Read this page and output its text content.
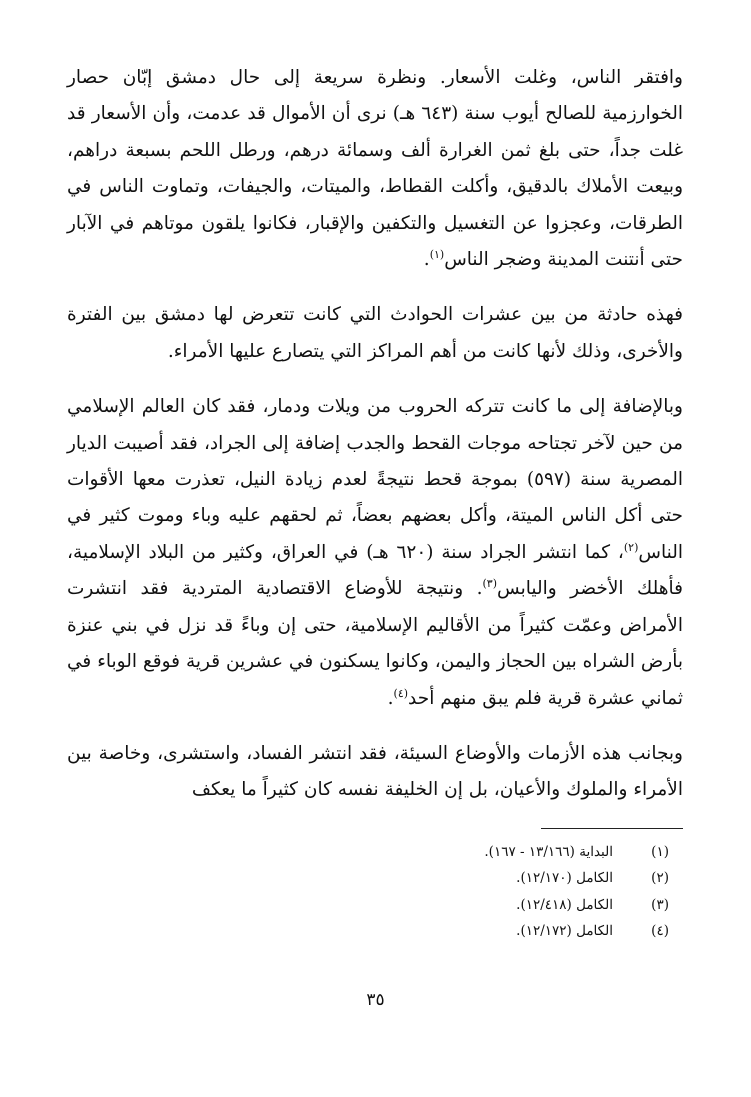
وافتقر الناس، وغلت الأسعار. ونظرة سريعة إلى حال دمشق إبّان حصار الخوارزمية للصالح أيوب سنة (٦٤٣ هـ) نرى أن الأموال قد عدمت، وأن الأسعار قد غلت جداً، حتى بلغ ثمن الغرارة ألف وسمائة درهم، ورطل اللحم بسبعة دراهم، وبيعت الأملاك بالدقيق، وأكلت القطاط، والميتات، والجيفات، وتماوت الناس في الطرقات، وعجزوا عن التغسيل والتكفين والإقبار، فكانوا يلقون موتاهم في الآبار حتى أنتنت المدينة وضجر الناس$^{(١)}$.

فهذه حادثة من بين عشرات الحوادث التي كانت تتعرض لها دمشق بين الفترة والأخرى، وذلك لأنها كانت من أهم المراكز التي يتصارع عليها الأمراء.

وبالإضافة إلى ما كانت تتركه الحروب من ويلات ودمار، فقد كان العالم الإسلامي من حين لآخر تجتاحه موجات القحط والجدب إضافة إلى الجراد، فقد أصيبت الديار المصرية سنة (٥٩٧) بموجة قحط نتيجةً لعدم زيادة النيل، تعذرت معها الأقوات حتى أكل الناس الميتة، وأكل بعضهم بعضاً، ثم لحقهم عليه وباء وموت كثير في الناس$^{(٢)}$، كما انتشر الجراد سنة (٦٢٠ هـ) في العراق، وكثير من البلاد الإسلامية، فأهلك الأخضر واليابس$^{(٣)}$. ونتيجة للأوضاع الاقتصادية المتردية فقد انتشرت الأمراض وعمّت كثيراً من الأقاليم الإسلامية، حتى إن وباءً قد نزل في بني عنزة بأرض الشراه بين الحجاز واليمن، وكانوا يسكنون في عشرين قرية فوقع الوباء في ثماني عشرة قرية فلم يبق منهم أحد$^{(٤)}$.

وبجانب هذه الأزمات والأوضاع السيئة، فقد انتشر الفساد، واستشرى، وخاصة بين الأمراء والملوك والأعيان، بل إن الخليفة نفسه كان كثيراً ما يعكف

(١)
البداية (١٣/١٦٦ - ١٦٧).
(٢)
الكامل (١٢/١٧٠).
(٣)
الكامل (١٢/٤١٨).
(٤)
الكامل (١٢/١٧٢).
٣٥
